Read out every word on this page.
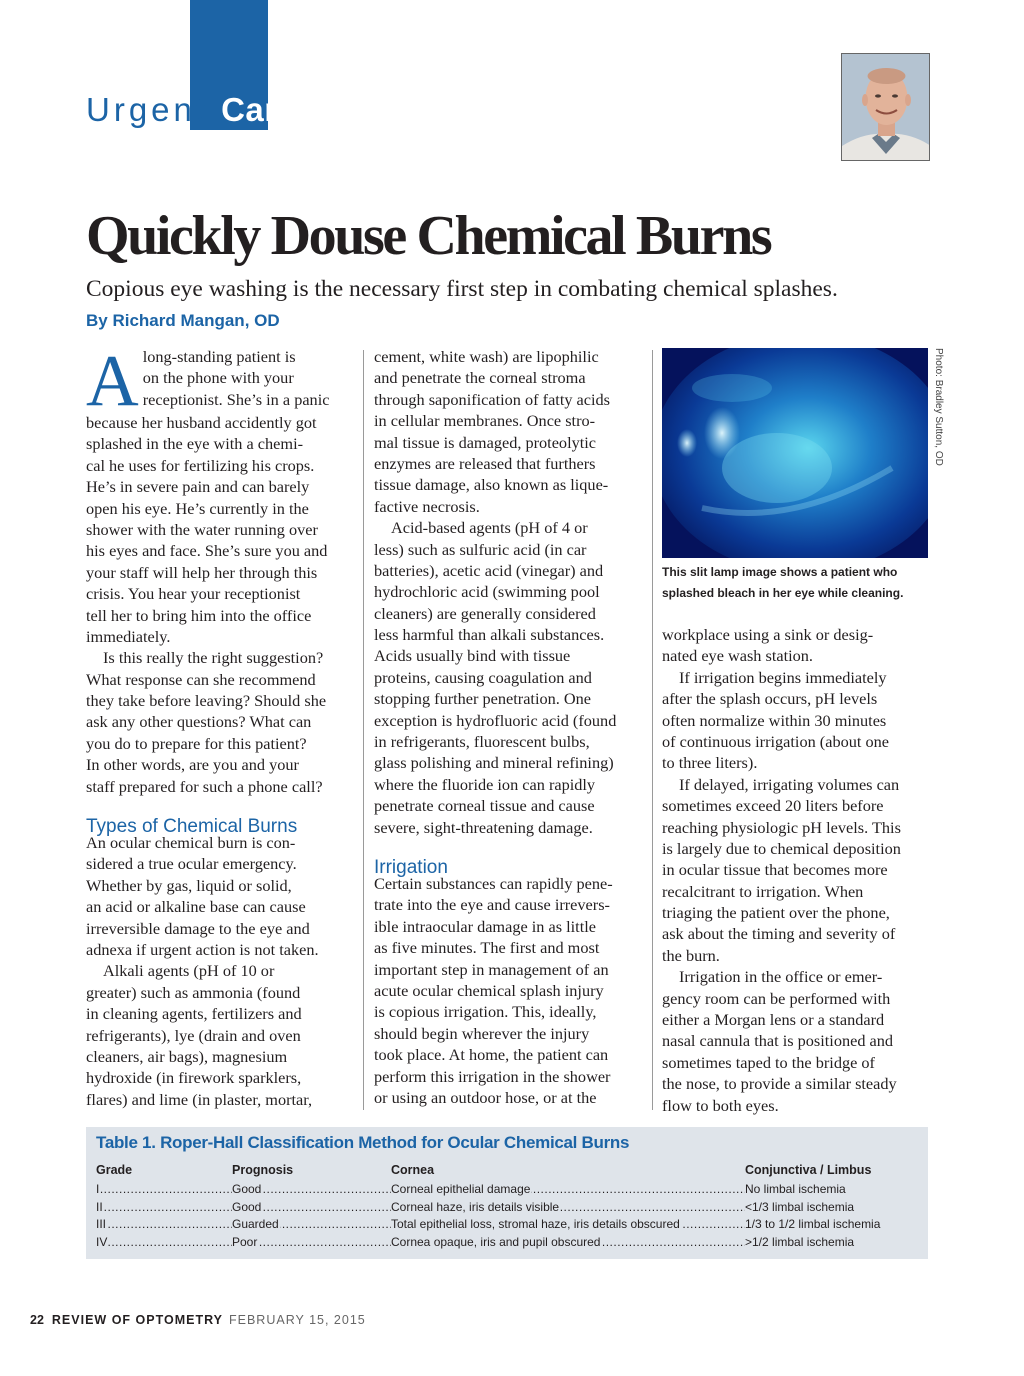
Urgent Care
Quickly Douse Chemical Burns
Copious eye washing is the necessary first step in combating chemical splashes.
By Richard Mangan, OD
A long-standing patient is
on the phone with your
receptionist. She’s in a panic
because her husband accidently got
splashed in the eye with a chemi-
cal he uses for fertilizing his crops.
He’s in severe pain and can barely
open his eye. He’s currently in the
shower with the water running over
his eyes and face. She’s sure you and
your staff will help her through this
crisis. You hear your receptionist
tell her to bring him into the office
immediately.
Is this really the right suggestion?
What response can she recommend
they take before leaving? Should she
ask any other questions? What can
you do to prepare for this patient?
In other words, are you and your
staff prepared for such a phone call?
Types of Chemical Burns
An ocular chemical burn is con-
sidered a true ocular emergency.
Whether by gas, liquid or solid,
an acid or alkaline base can cause
irreversible damage to the eye and
adnexa if urgent action is not taken.
Alkali agents (pH of 10 or
greater) such as ammonia (found
in cleaning agents, fertilizers and
refrigerants), lye (drain and oven
cleaners, air bags), magnesium
hydroxide (in firework sparklers,
flares) and lime (in plaster, mortar,
cement, white wash) are lipophilic
and penetrate the corneal stroma
through saponification of fatty acids
in cellular membranes. Once stro-
mal tissue is damaged, proteolytic
enzymes are released that furthers
tissue damage, also known as lique-
factive necrosis.
Acid-based agents (pH of 4 or
less) such as sulfuric acid (in car
batteries), acetic acid (vinegar) and
hydrochloric acid (swimming pool
cleaners) are generally considered
less harmful than alkali substances.
Acids usually bind with tissue
proteins, causing coagulation and
stopping further penetration. One
exception is hydrofluoric acid (found
in refrigerants, fluorescent bulbs,
glass polishing and mineral refining)
where the fluoride ion can rapidly
penetrate corneal tissue and cause
severe, sight-threatening damage.
Irrigation
Certain substances can rapidly pene-
trate into the eye and cause irrevers-
ible intraocular damage in as little
as five minutes. The first and most
important step in management of an
acute ocular chemical splash injury
is copious irrigation. This, ideally,
should begin wherever the injury
took place. At home, the patient can
perform this irrigation in the shower
or using an outdoor hose, or at the
Photo: Bradley Sutton, OD
This slit lamp image shows a patient who
splashed bleach in her eye while cleaning.
workplace using a sink or desig-
nated eye wash station.
If irrigation begins immediately
after the splash occurs, pH levels
often normalize within 30 minutes
of continuous irrigation (about one
to three liters).
If delayed, irrigating volumes can
sometimes exceed 20 liters before
reaching physiologic pH levels. This
is largely due to chemical deposition
in ocular tissue that becomes more
recalcitrant to irrigation. When
triaging the patient over the phone,
ask about the timing and severity of
the burn.
Irrigation in the office or emer-
gency room can be performed with
either a Morgan lens or a standard
nasal cannula that is positioned and
sometimes taped to the bridge of
the nose, to provide a similar steady
flow to both eyes.
Table 1. Roper-Hall Classification Method for Ocular Chemical Burns
Grade	Prognosis	Cornea	Conjunctiva / Limbus
I .....	Good .....	Corneal epithelial damage .....	No limbal ischemia
II .....	Good .....	Corneal haze, iris details visible .....	<1/3 limbal ischemia
III .....	Guarded .....	Total epithelial loss, stromal haze, iris details obscured .....	1/3 to 1/2 limbal ischemia
IV .....	Poor .....	Cornea opaque, iris and pupil obscured .....	>1/2 limbal ischemia
22 REVIEW OF OPTOMETRY FEBRUARY 15, 2015
